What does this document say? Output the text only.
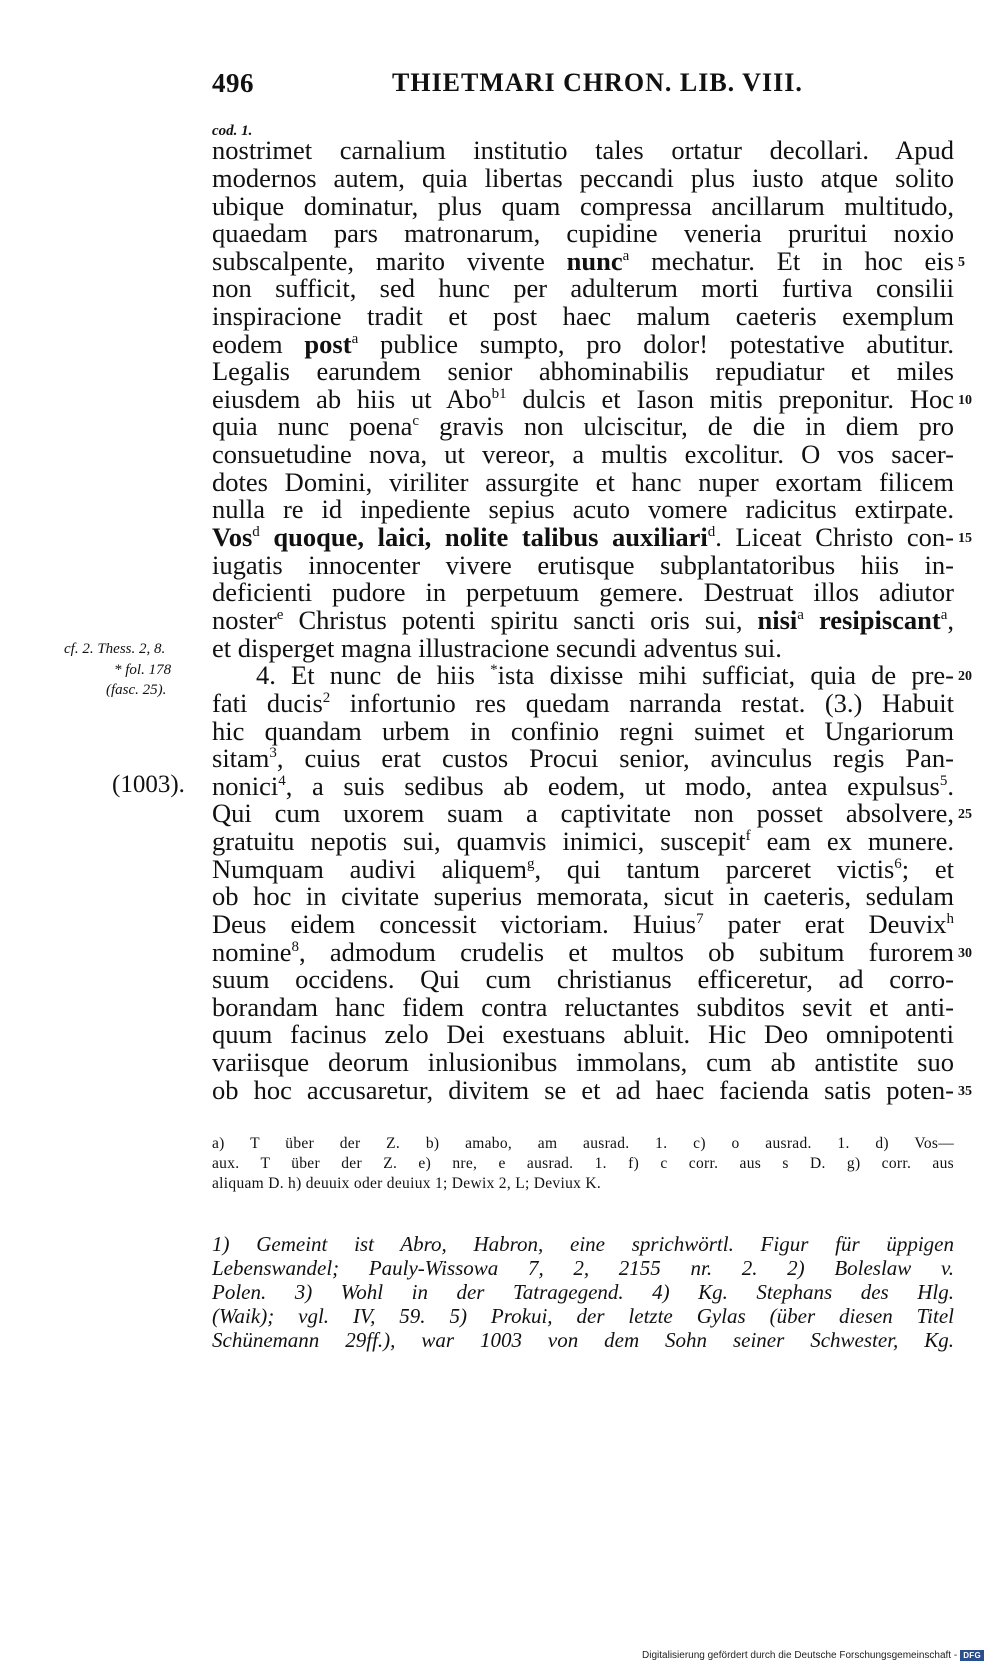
496	THIETMARI CHRON. LIB. VIII.
cod. 1.
nostrimet carnalium institutio tales ortatur decollari. Apud
modernos autem, quia libertas peccandi plus iusto atque solito
ubique dominatur, plus quam compressa ancillarum multitudo,
quaedam pars matronarum, cupidine veneria pruritui noxio
subscalpente, marito vivente nunc$^a$ mechatur. Et in hoc eis
non sufficit, sed hunc per adulterum morti furtiva consilii
inspiracione tradit et post haec malum caeteris exemplum
eodem post$^a$ publice sumpto, pro dolor! potestative abutitur.
Legalis earundem senior abhominabilis repudiatur et miles
eiusdem ab hiis ut Abo$^{b1}$ dulcis et Iason mitis preponitur. Hoc
quia nunc poena$^c$ gravis non ulciscitur, de die in diem pro
consuetudine nova, ut vereor, a multis excolitur. O vos sacer-
dotes Domini, viriliter assurgite et hanc nuper exortam filicem
nulla re id inpediente sepius acuto vomere radicitus extirpate.
Vos$^d$ quoque, laici, nolite talibus auxiliari$^d$. Liceat Christo con-
iugatis innocenter vivere erutisque subplantatoribus hiis in-
deficienti pudore in perpetuum gemere. Destruat illos adiutor
noster$^e$ Christus potenti spiritu sancti oris sui, nisi$^a$ resipiscant$^a$,
et disperget magna illustracione secundi adventus sui.
4. Et nunc de hiis *ista dixisse mihi sufficiat, quia de pre-
fati ducis$^2$ infortunio res quedam narranda restat. (3.) Habuit
hic quandam urbem in confinio regni suimet et Ungariorum
sitam$^3$, cuius erat custos Procui senior, avinculus regis Pan-
nonici$^4$, a suis sedibus ab eodem, ut modo, antea expulsus$^5$.
Qui cum uxorem suam a captivitate non posset absolvere,
gratuitu nepotis sui, quamvis inimici, suscepit$^f$ eam ex munere.
Numquam audivi aliquem$^g$, qui tantum parceret victis$^6$; et
ob hoc in civitate superius memorata, sicut in caeteris, sedulam
Deus eidem concessit victoriam. Huius$^7$ pater erat Deuvix$^h$
nomine$^8$, admodum crudelis et multos ob subitum furorem
suum occidens. Qui cum christianus efficeretur, ad corro-
borandam hanc fidem contra reluctantes subditos sevit et anti-
quum facinus zelo Dei exestuans abluit. Hic Deo omnipotenti
variisque deorum inlusionibus immolans, cum ab antistite suo
ob hoc accusaretur, divitem se et ad haec facienda satis poten-
5
10
15
20
25
30
35
cf. 2. Thess. 2, 8.
* fol. 178
(fasc. 25).
(1003).
a) T über der Z. b) amabo, am ausrad. 1. c) o ausrad. 1. d) Vos—
aux. T über der Z. e) nre, e ausrad. 1. f) c corr. aus s D. g) corr. aus
aliquam D. h) deuuix oder deuiux 1; Dewix 2, L; Deviux K.
1) Gemeint ist Abro, Habron, eine sprichwörtl. Figur für üppigen
Lebenswandel; Pauly-Wissowa 7, 2, 2155 nr. 2. 2) Boleslaw v.
Polen. 3) Wohl in der Tatragegend. 4) Kg. Stephans des Hlg.
(Waik); vgl. IV, 59. 5) Prokui, der letzte Gylas (über diesen Titel
Schünemann 29ff.), war 1003 von dem Sohn seiner Schwester, Kg.
Digitalisierung gefördert durch die Deutsche Forschungsgemeinschaft - DFG
